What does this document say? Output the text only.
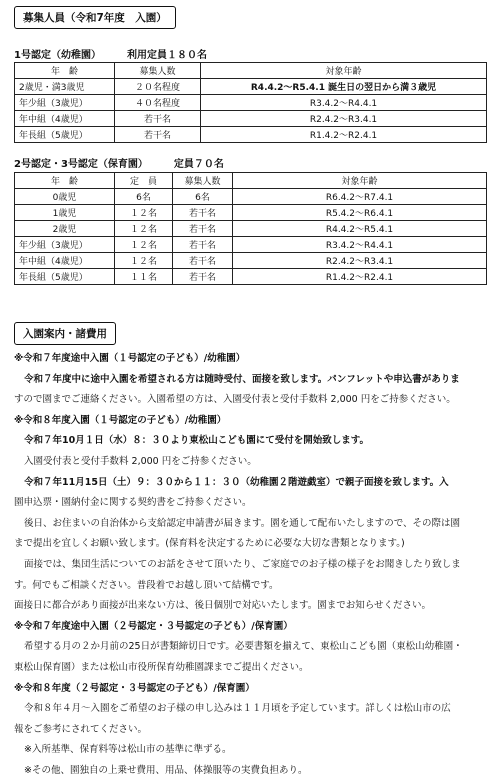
募集人員（令和7年度　入園）
1号認定（幼稚園）	利用定員１８０名
年　齢	募集人数	対象年齢
2歳児・満3歳児	２０名程度	R4.4.2～R5.4.1 誕生日の翌日から満３歳児
年少組（3歳児）	４０名程度	R3.4.2～R4.4.1
年中組（4歳児）	若干名	R2.4.2～R3.4.1
年長組（5歳児）	若干名	R1.4.2～R2.4.1
2号認定・3号認定（保育園）	定員７０名
年　齢	定　員	募集人数	対象年齢
0歳児	6名	6名	R6.4.2～R7.4.1
1歳児	１２名	若干名	R5.4.2～R6.4.1
2歳児	１２名	若干名	R4.4.2～R5.4.1
年少組（3歳児）	１２名	若干名	R3.4.2～R4.4.1
年中組（4歳児）	１２名	若干名	R2.4.2～R3.4.1
年長組（5歳児）	１１名	若干名	R1.4.2～R2.4.1
入園案内・諸費用
※令和７年度途中入園（１号認定の子ども）/幼稚園）
令和７年度中に途中入園を希望される方は随時受付、面接を致します。パンフレットや申込書がありま
すので園までご連絡ください。入園希望の方は、入園受付表と受付手数料 2,000 円をご持参ください。
※令和８年度入園（１号認定の子ども）/幼稚園）
令和７年10月１日（水）８：３０より東松山こども園にて受付を開始致します。
入園受付表と受付手数料 2,000 円をご持参ください。
令和７年11月15日（土）９：３０から１１：３０（幼稚園２階遊戯室）で親子面接を致します。入
園申込票・園納付金に関する契約書をご持参ください。
後日、お住まいの自治体から支給認定申請書が届きます。園を通して配布いたしますので、その際は園
まで提出を宜しくお願い致します。(保育料を決定するために必要な大切な書類となります。)
面接では、集団生活についてのお話をさせて頂いたり、ご家庭でのお子様の様子をお聞きしたり致しま
す。何でもご相談ください。普段着でお越し頂いて結構です。
面接日に都合があり面接が出来ない方は、後日個別で対応いたします。園までお知らせください。
※令和７年度途中入園（２号認定・３号認定の子ども）/保育園）
希望する月の２か月前の25日が書類締切日です。必要書類を揃えて、東松山こども園（東松山幼稚園・
東松山保育園）または松山市役所保育幼稚園課までご提出ください。
※令和８年度（２号認定・３号認定の子ども）/保育園）
令和８年４月～入園をご希望のお子様の申し込みは１１月頃を予定しています。詳しくは松山市の広
報をご参考にされてください。
※入所基準、保育料等は松山市の基準に準ずる。
※その他、園独自の上乗せ費用、用品、体操服等の実費負担あり。
